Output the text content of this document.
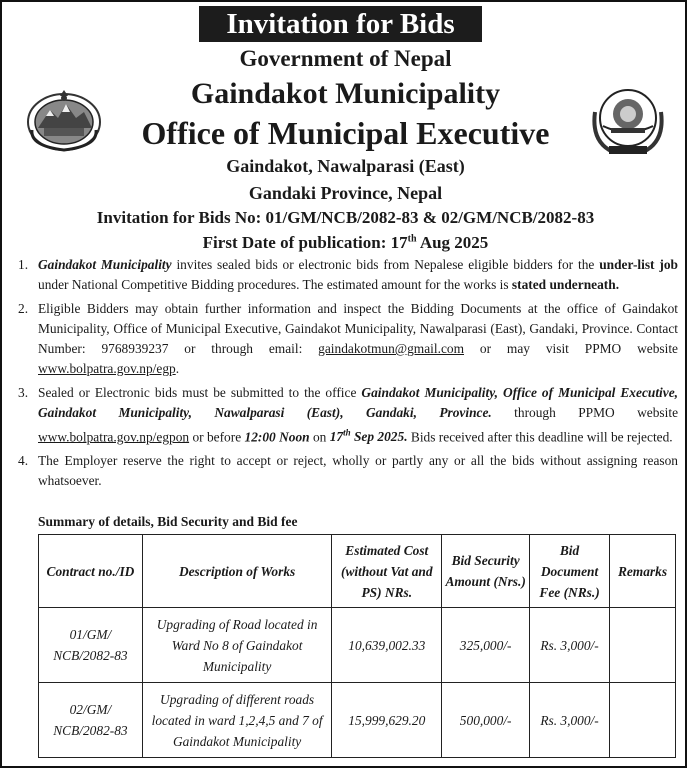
Invitation for Bids
Government of Nepal
Gaindakot Municipality
Office of Municipal Executive
Gaindakot, Nawalparasi (East)
Gandaki Province, Nepal
Invitation for Bids No: 01/GM/NCB/2082-83 & 02/GM/NCB/2082-83
First Date of publication: 17th Aug 2025
1. Gaindakot Municipality invites sealed bids or electronic bids from Nepalese eligible bidders for the under-list job under National Competitive Bidding procedures. The estimated amount for the works is stated underneath.
2. Eligible Bidders may obtain further information and inspect the Bidding Documents at the office of Gaindakot Municipality, Office of Municipal Executive, Gaindakot Municipality, Nawalparasi (East), Gandaki, Province. Contact Number: 9768939237 or through email: gaindakotmun@gmail.com or may visit PPMO website www.bolpatra.gov.np/egp.
3. Sealed or Electronic bids must be submitted to the office Gaindakot Municipality, Office of Municipal Executive, Gaindakot Municipality, Nawalparasi (East), Gandaki, Province. through PPMO website www.bolpatra.gov.np/egpon or before 12:00 Noon on 17th Sep 2025. Bids received after this deadline will be rejected.
4. The Employer reserve the right to accept or reject, wholly or partly any or all the bids without assigning reason whatsoever.
Summary of details, Bid Security and Bid fee
Contract no./ID	Description of Works	Estimated Cost (without Vat and PS) NRs.	Bid Security Amount (Nrs.)	Bid Document Fee (NRs.)	Remarks
01/GM/ NCB/2082-83	Upgrading of Road located in Ward No 8 of Gaindakot Municipality	10,639,002.33	325,000/-	Rs. 3,000/-	
02/GM/ NCB/2082-83	Upgrading of different roads located in ward 1,2,4,5 and 7 of Gaindakot Municipality	15,999,629.20	500,000/-	Rs. 3,000/-	
